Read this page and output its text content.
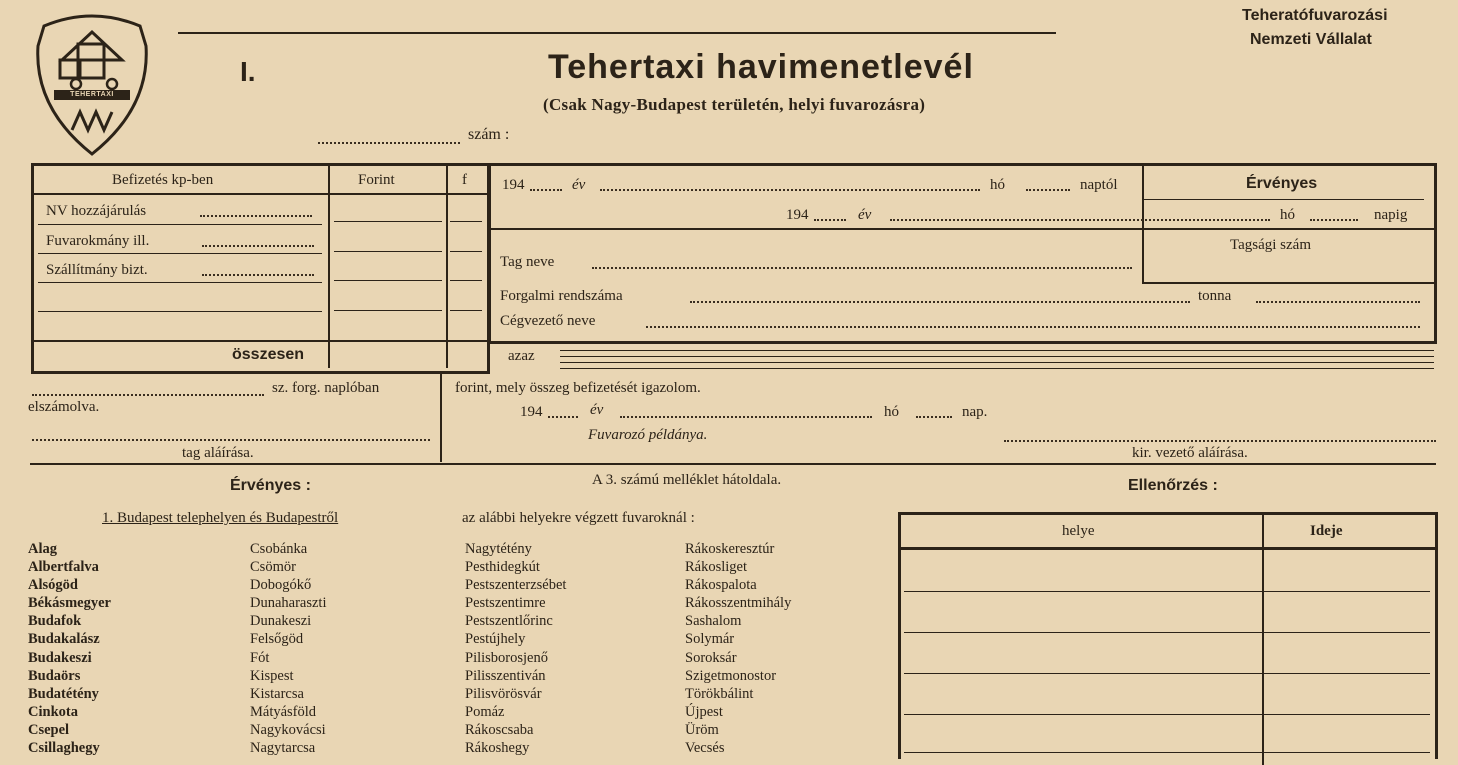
TEHERTAXI
I.	Tehertaxi havimenetlevél
(Csak Nagy-Budapest területén, helyi fuvarozásra)
Teheratófuvarozási
Nemzeti Vállalat
szám :
Befizetés kp-ben	Forint	f
NV hozzájárulás
Fuvarokmány ill.
Szállítmány bizt.
összesen
194	év	hó	naptól	Érvényes
194	év	hó	napig
Tag neve
Tagsági szám
Forgalmi rendszáma	tonna
Cégvezető neve
azaz
sz. forg. naplóban
elszámolva.
tag aláírása.
forint, mely összeg befizetését igazolom.
194	év	hó	nap.
Fuvarozó példánya.
kir. vezető aláírása.
Érvényes :	A 3. számú melléklet hátoldala.	Ellenőrzés :
1. Budapest telephelyen és Budapestről	az alábbi helyekre végzett fuvaroknál :
Alag
Albertfalva
Alsógöd
Békásmegyer
Budafok
Budakalász
Budakeszi
Budaörs
Budatétény
Cinkota
Csepel
Csillaghegy
Csobánka
Csömör
Dobogókő
Dunaharaszti
Dunakeszi
Felsőgöd
Fót
Kispest
Kistarcsa
Mátyásföld
Nagykovácsi
Nagytarcsa
Nagytétény
Pesthidegkút
Pestszenterzsébet
Pestszentimre
Pestszentlőrinc
Pestújhely
Pilisborosjenő
Pilisszentiván
Pilisvörösvár
Pomáz
Rákoscsaba
Rákoshegy
Rákoskeresztúr
Rákosliget
Rákospalota
Rákosszentmihály
Sashalom
Solymár
Soroksár
Szigetmonostor
Törökbálint
Újpest
Üröm
Vecsés
helye	Ideje
